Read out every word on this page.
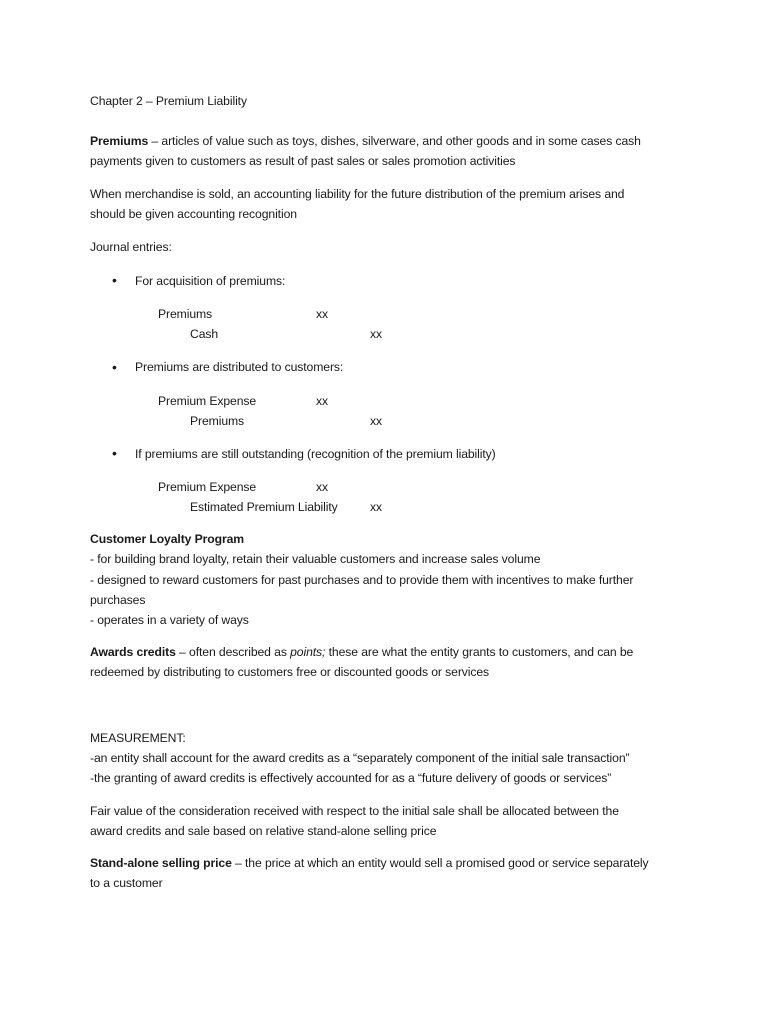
Chapter 2 – Premium Liability
Premiums – articles of value such as toys, dishes, silverware, and other goods and in some cases cash
payments given to customers as result of past sales or sales promotion activities
When merchandise is sold, an accounting liability for the future distribution of the premium arises and
should be given accounting recognition
Journal entries:
• For acquisition of premiums:
Premiums	xx
Cash	xx
• Premiums are distributed to customers:
Premium Expense	xx
Premiums	xx
• If premiums are still outstanding (recognition of the premium liability)
Premium Expense	xx
Estimated Premium Liability	xx
Customer Loyalty Program
- for building brand loyalty, retain their valuable customers and increase sales volume
- designed to reward customers for past purchases and to provide them with incentives to make further
purchases
- operates in a variety of ways
Awards credits – often described as points; these are what the entity grants to customers, and can be
redeemed by distributing to customers free or discounted goods or services
MEASUREMENT:
-an entity shall account for the award credits as a “separately component of the initial sale transaction”
-the granting of award credits is effectively accounted for as a “future delivery of goods or services”
Fair value of the consideration received with respect to the initial sale shall be allocated between the
award credits and sale based on relative stand-alone selling price
Stand-alone selling price – the price at which an entity would sell a promised good or service separately
to a customer
